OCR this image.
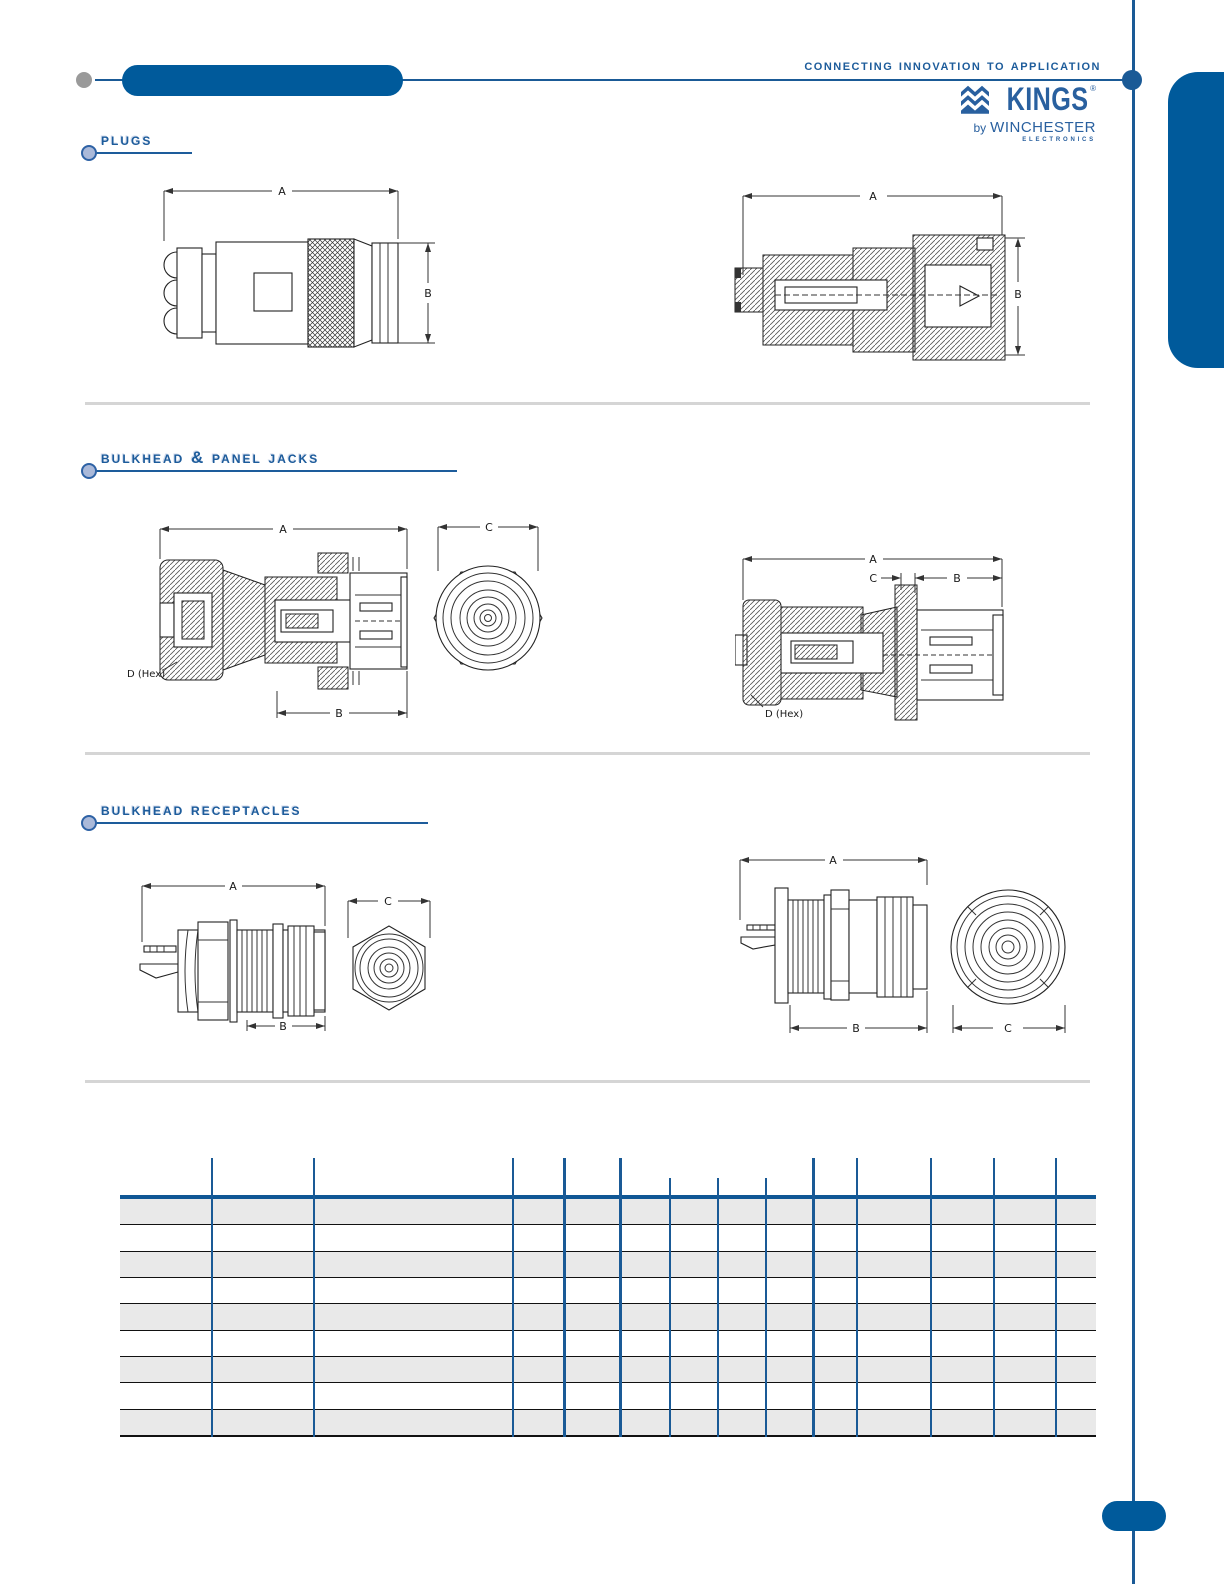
connecting innovation to application
KINGS ®
by WINCHESTER
ELECTRONICS
plugs
bulkhead & panel jacks
bulkhead receptacles
A
B
A
B
A	C
D (Hex)
B
A
C	B
D (Hex)
A
B
C
A
B	C
